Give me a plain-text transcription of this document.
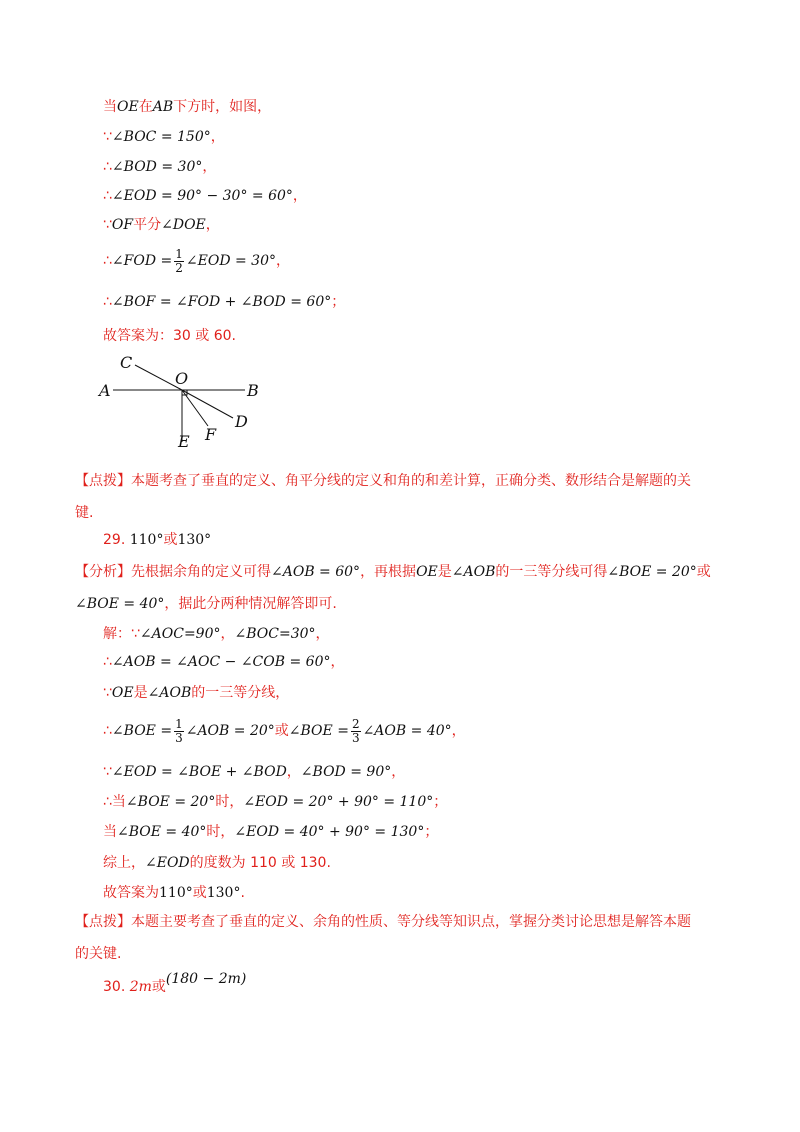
当OE在AB下方时，如图，
∵∠BOC = 150°，
∴∠BOD = 30°，
∴∠EOD = 90° − 30° = 60°，
∵OF平分∠DOE，
∴∠FOD = $\frac{1}{2}$ ∠EOD = 30°，
∴∠BOF = ∠FOD + ∠BOD = 60°；
故答案为：30 或 60.
C
O
A	B
D
F
E
【点拨】本题考查了垂直的定义、角平分线的定义和角的和差计算，正确分类、数形结合是解题的关
键.
29. 110°或130°
【分析】先根据余角的定义可得∠AOB = 60°，再根据OE是∠AOB的一三等分线可得∠BOE = 20°或
∠BOE = 40°，据此分两种情况解答即可.
解：∵∠AOC=90°，∠BOC=30°，
∴∠AOB = ∠AOC − ∠COB = 60°，
∵OE是∠AOB的一三等分线，
∴∠BOE = $\frac{1}{3}$ ∠AOB = 20°或∠BOE = $\frac{2}{3}$ ∠AOB = 40°，
∵∠EOD = ∠BOE + ∠BOD，∠BOD = 90°，
∴当∠BOE = 20°时，∠EOD = 20° + 90° = 110°；
当∠BOE = 40°时，∠EOD = 40° + 90° = 130°；
综上，∠EOD的度数为 110 或 130.
故答案为110°或130°.
【点拨】本题主要考查了垂直的定义、余角的性质、等分线等知识点，掌握分类讨论思想是解答本题
的关键.
30. 2m或(180 − 2m)
